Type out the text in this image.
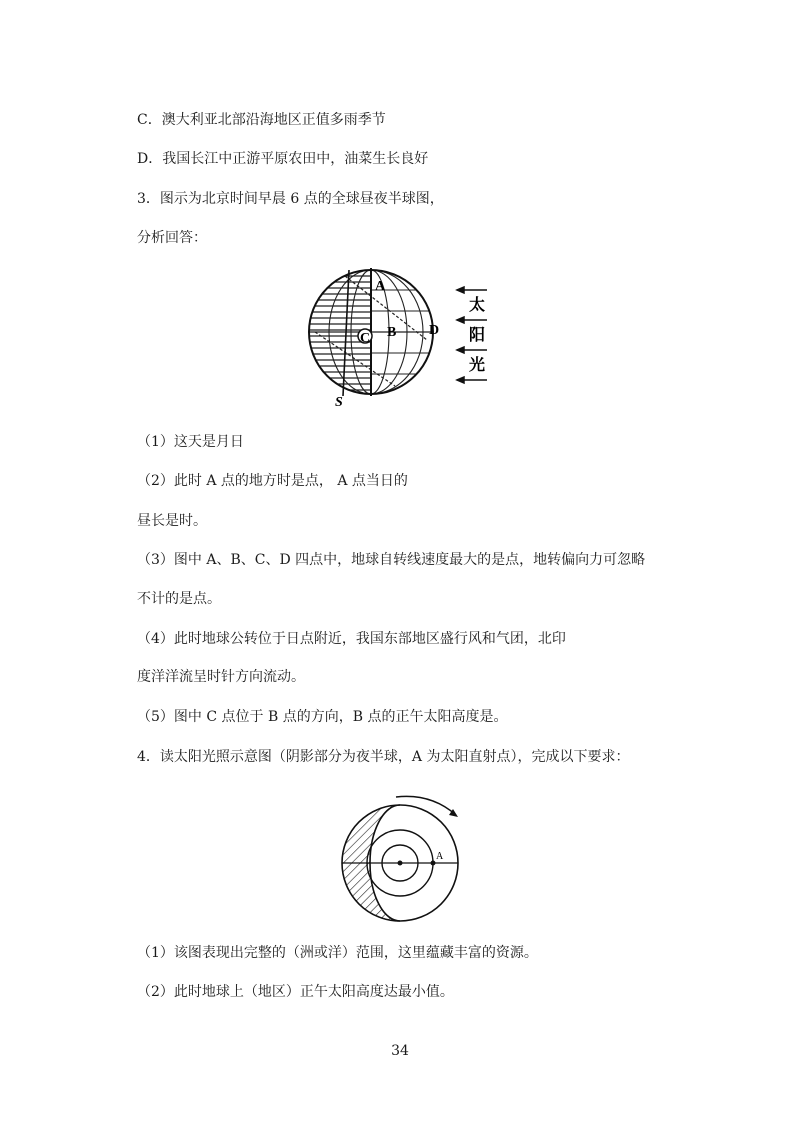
C．澳大利亚北部沿海地区正值多雨季节
D．我国长江中正游平原农田中，油菜生长良好
3．图示为北京时间早晨 6 点的全球昼夜半球图，
分析回答：
A
B
C
D
S
太
阳
光
（1）这天是月日
（2）此时 A 点的地方时是点， A 点当日的
昼长是时。
（3）图中 A、B、C、D 四点中，地球自转线速度最大的是点，地转偏向力可忽略
不计的是点。
（4）此时地球公转位于日点附近，我国东部地区盛行风和气团，北印
度洋洋流呈时针方向流动。
（5）图中 C 点位于 B 点的方向，B 点的正午太阳高度是。
4．读太阳光照示意图（阴影部分为夜半球，A 为太阳直射点），完成以下要求：
A
（1）该图表现出完整的（洲或洋）范围，这里蕴藏丰富的资源。
（2）此时地球上（地区）正午太阳高度达最小值。
34
